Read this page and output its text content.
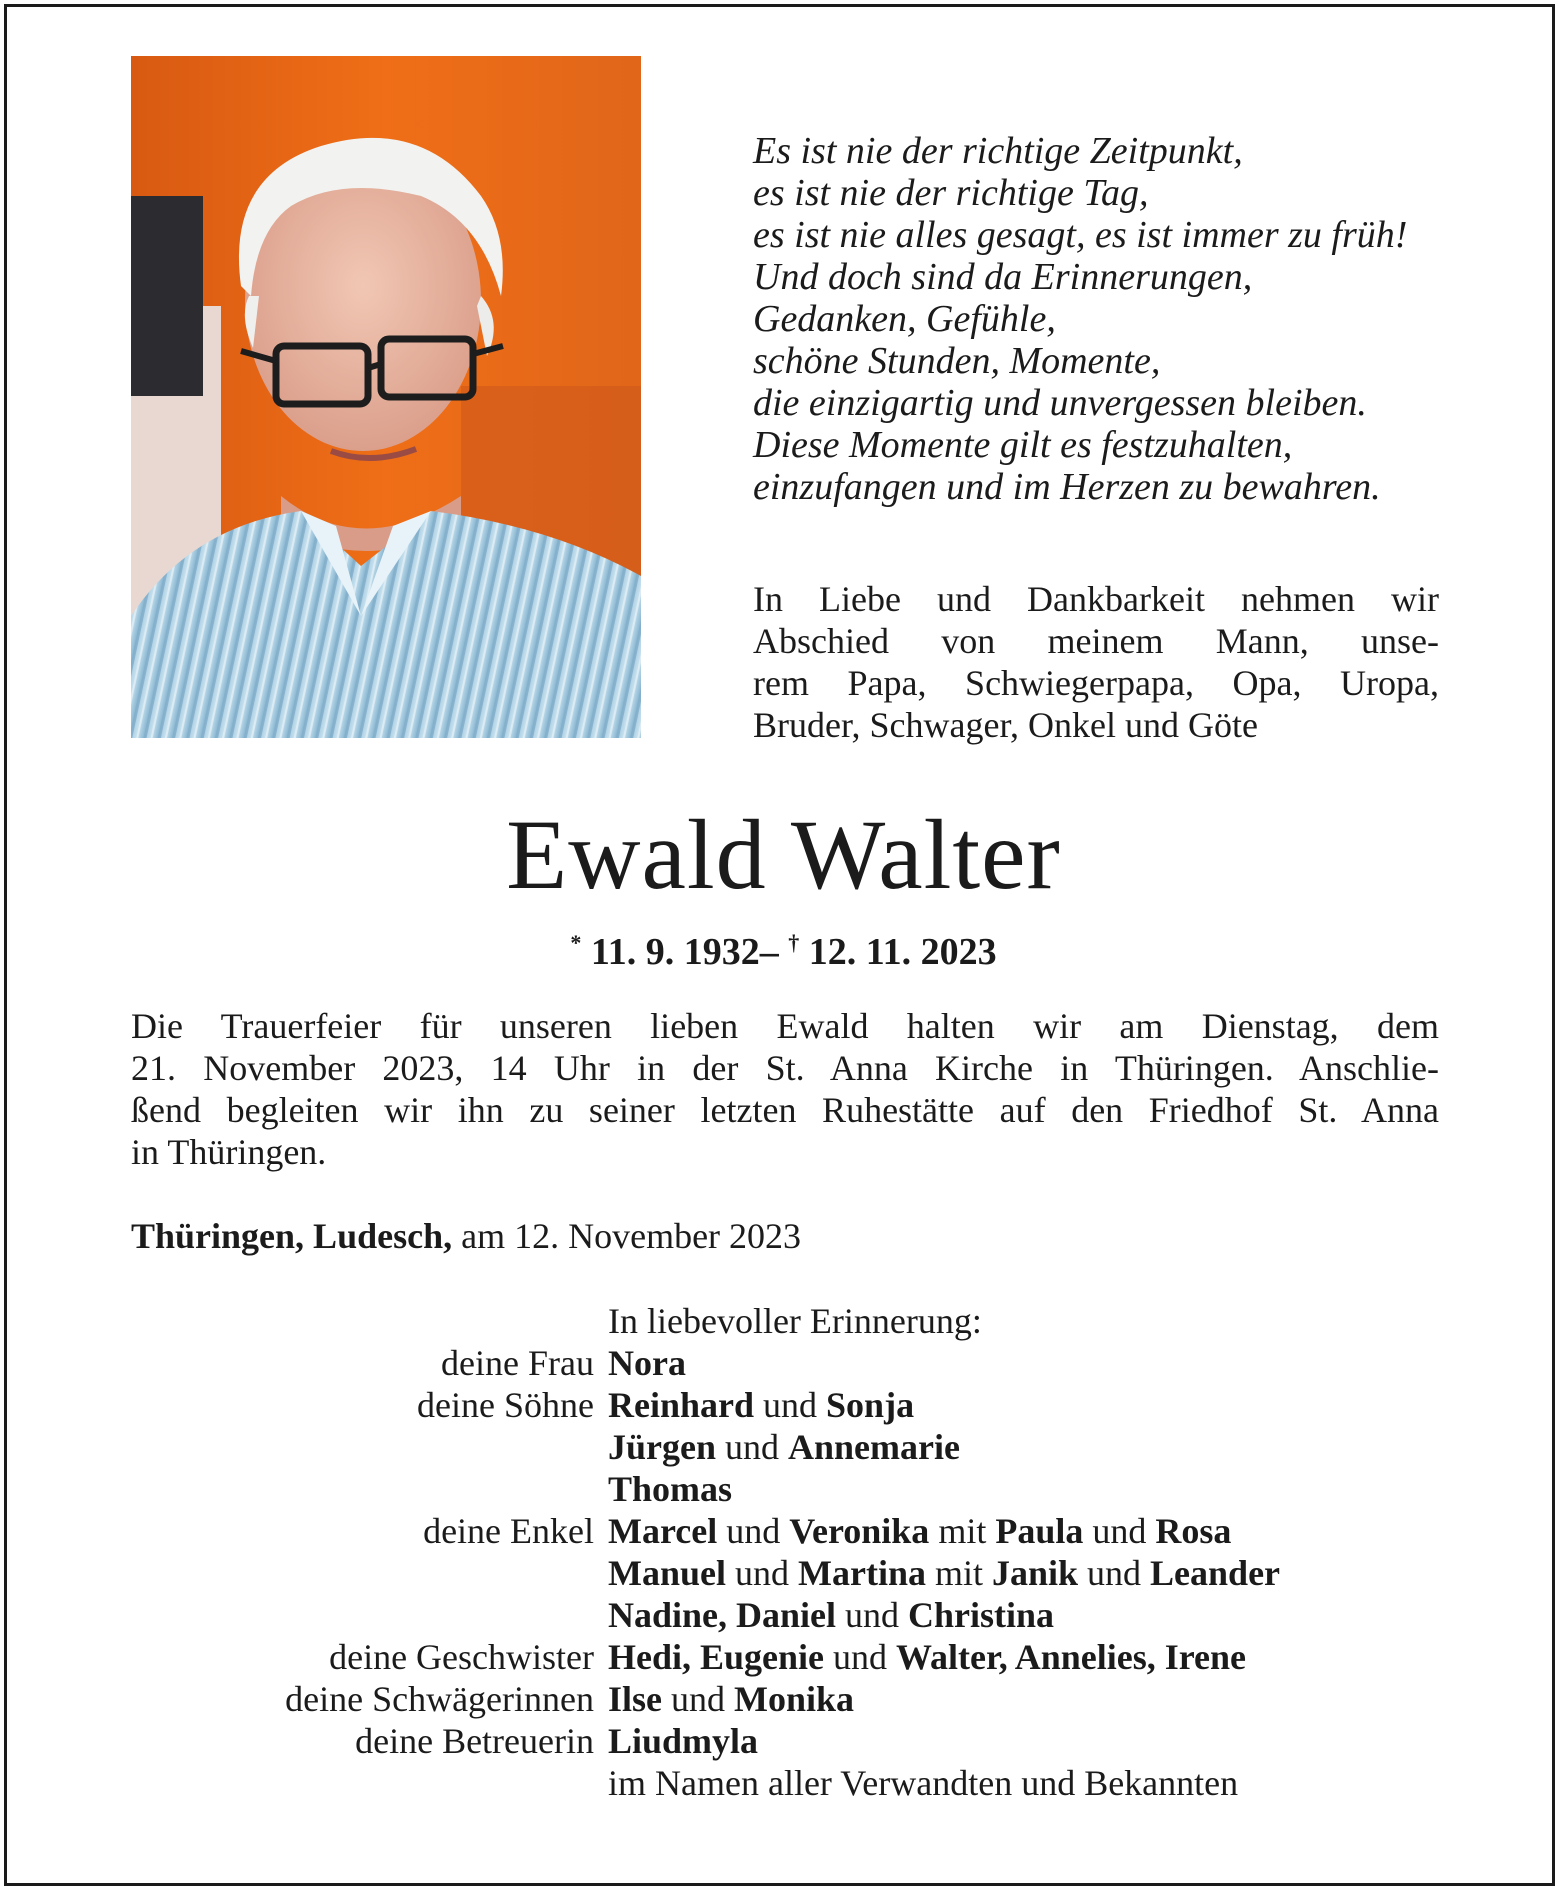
Es ist nie der richtige Zeitpunkt,
es ist nie der richtige Tag,
es ist nie alles gesagt, es ist immer zu früh!
Und doch sind da Erinnerungen,
Gedanken, Gefühle,
schöne Stunden, Momente,
die einzigartig und unvergessen bleiben.
Diese Momente gilt es festzuhalten,
einzufangen und im Herzen zu bewahren.
In Liebe und Dankbarkeit nehmen wir
Abschied von meinem Mann, unse-
rem Papa, Schwiegerpapa, Opa, Uropa,
Bruder, Schwager, Onkel und Göte
Ewald Walter
* 11. 9. 1932– † 12. 11. 2023
Die Trauerfeier für unseren lieben Ewald halten wir am Dienstag, dem
21. November 2023, 14 Uhr in der St. Anna Kirche in Thüringen. Anschlie-
ßend begleiten wir ihn zu seiner letzten Ruhestätte auf den Friedhof St. Anna
in Thüringen.
Thüringen, Ludesch, am 12. November 2023
In liebevoller Erinnerung:
deine Frau Nora
deine Söhne Reinhard und Sonja
Jürgen und Annemarie
Thomas
deine Enkel Marcel und Veronika mit Paula und Rosa
Manuel und Martina mit Janik und Leander
Nadine, Daniel und Christina
deine Geschwister Hedi, Eugenie und Walter, Annelies, Irene
deine Schwägerinnen Ilse und Monika
deine Betreuerin Liudmyla
im Namen aller Verwandten und Bekannten
